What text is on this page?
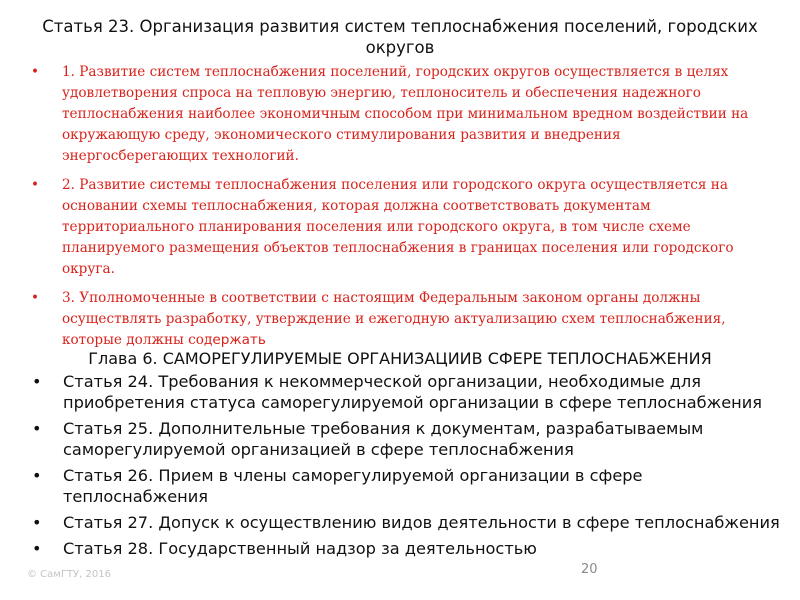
Статья 23. Организация развития систем теплоснабжения поселений, городских округов
• 1. Развитие систем теплоснабжения поселений, городских округов осуществляется в целях удовлетворения спроса на тепловую энергию, теплоноситель и обеспечения надежного теплоснабжения наиболее экономичным способом при минимальном вредном воздействии на окружающую среду, экономического стимулирования развития и внедрения энергосберегающих технологий.
• 2. Развитие системы теплоснабжения поселения или городского округа осуществляется на основании схемы теплоснабжения, которая должна соответствовать документам территориального планирования поселения или городского округа, в том числе схеме планируемого размещения объектов теплоснабжения в границах поселения или городского округа.
• 3. Уполномоченные в соответствии с настоящим Федеральным законом органы должны осуществлять разработку, утверждение и ежегодную актуализацию схем теплоснабжения, которые должны содержать
Глава 6. САМОРЕГУЛИРУЕМЫЕ ОРГАНИЗАЦИИВ СФЕРЕ ТЕПЛОСНАБЖЕНИЯ
• Статья 24. Требования к некоммерческой организации, необходимые для приобретения статуса саморегулируемой организации в сфере теплоснабжения
• Статья 25. Дополнительные требования к документам, разрабатываемым саморегулируемой организацией в сфере теплоснабжения
• Статья 26. Прием в члены саморегулируемой организации в сфере теплоснабжения
• Статья 27. Допуск к осуществлению видов деятельности в сфере теплоснабжения
• Статья 28. Государственный надзор за деятельностью
© СамГТУ, 2016	20
